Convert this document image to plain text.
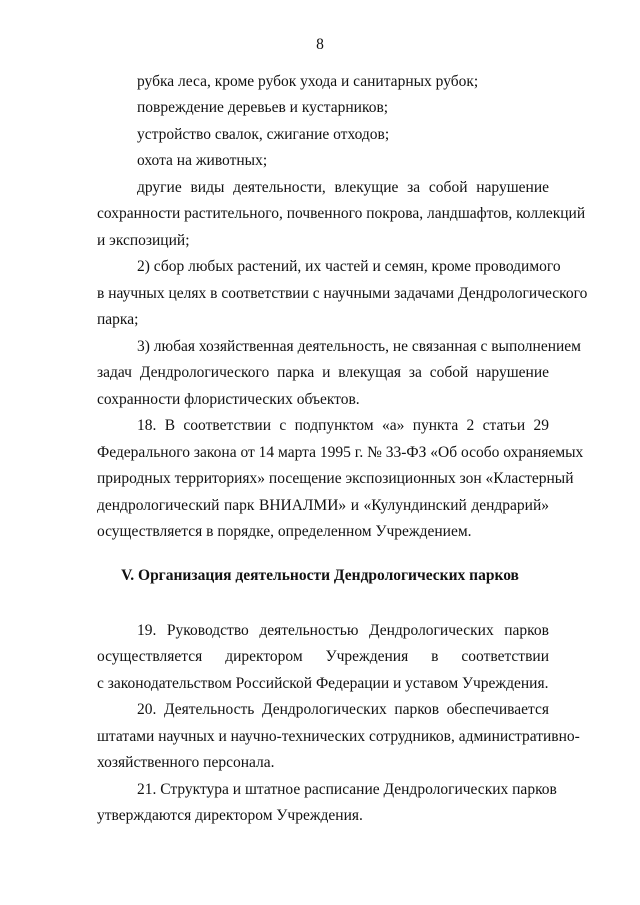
8
рубка леса, кроме рубок ухода и санитарных рубок;
повреждение деревьев и кустарников;
устройство свалок, сжигание отходов;
охота на животных;
другие виды деятельности, влекущие за собой нарушение
сохранности растительного, почвенного покрова, ландшафтов, коллекций
и экспозиций;
2) сбор любых растений, их частей и семян, кроме проводимого
в научных целях в соответствии с научными задачами Дендрологического
парка;
3) любая хозяйственная деятельность, не связанная с выполнением
задач Дендрологического парка и влекущая за собой нарушение
сохранности флористических объектов.
18. В соответствии с подпунктом «а» пункта 2 статьи 29
Федерального закона от 14 марта 1995 г. № 33-ФЗ «Об особо охраняемых
природных территориях» посещение экспозиционных зон «Кластерный
дендрологический парк ВНИАЛМИ» и «Кулундинский дендрарий»
осуществляется в порядке, определенном Учреждением.
V. Организация деятельности Дендрологических парков
19. Руководство деятельностью Дендрологических парков
осуществляется директором Учреждения в соответствии
с законодательством Российской Федерации и уставом Учреждения.
20. Деятельность Дендрологических парков обеспечивается
штатами научных и научно-технических сотрудников, административно-
хозяйственного персонала.
21. Структура и штатное расписание Дендрологических парков
утверждаются директором Учреждения.
